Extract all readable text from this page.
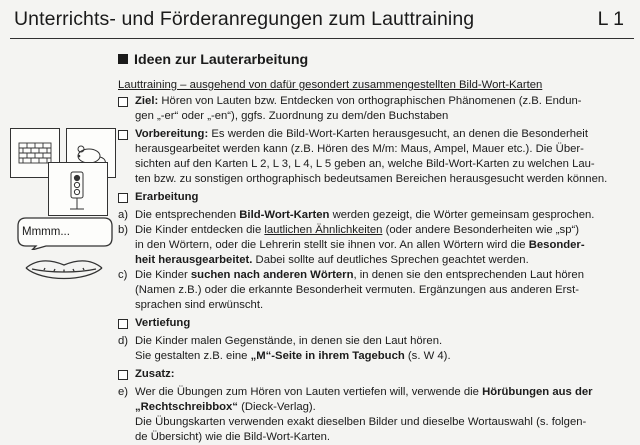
Unterrichts- und Förderanregungen zum Lauttraining	L 1
Ideen zur Lauterarbeitung
Mmmm...
Lauttraining – ausgehend von dafür gesondert zusammengestellten Bild-Wort-Karten
Ziel: Hören von Lauten bzw. Entdecken von orthographischen Phänomenen (z.B. Endun-
gen „-er“ oder „-en“), ggfs. Zuordnung zu dem/den Buchstaben
Vorbereitung: Es werden die Bild-Wort-Karten herausgesucht, an denen die Besonderheit
herausgearbeitet werden kann (z.B. Hören des M/m: Maus, Ampel, Mauer etc.). Die Über-
sichten auf den Karten L 2, L 3, L 4, L 5 geben an, welche Bild-Wort-Karten zu welchen Lau-
ten bzw. zu sonstigen orthographisch bedeutsamen Bereichen herausgesucht werden können.
Erarbeitung
a) Die entsprechenden Bild-Wort-Karten werden gezeigt, die Wörter gemeinsam gesprochen.
b) Die Kinder entdecken die lautlichen Ähnlichkeiten (oder andere Besonderheiten wie „sp“)
in den Wörtern, oder die Lehrerin stellt sie ihnen vor. An allen Wörtern wird die Besonder-
heit herausgearbeitet. Dabei sollte auf deutliches Sprechen geachtet werden.
c) Die Kinder suchen nach anderen Wörtern, in denen sie den entsprechenden Laut hören
(Namen z.B.) oder die erkannte Besonderheit vermuten. Ergänzungen aus anderen Erst-
sprachen sind erwünscht.
Vertiefung
d) Die Kinder malen Gegenstände, in denen sie den Laut hören.
Sie gestalten z.B. eine „M“-Seite in ihrem Tagebuch (s. W 4).
Zusatz:
e) Wer die Übungen zum Hören von Lauten vertiefen will, verwende die Hörübungen aus der
„Rechtschreibbox“ (Dieck-Verlag).
Die Übungskarten verwenden exakt dieselben Bilder und dieselbe Wortauswahl (s. folgen-
de Übersicht) wie die Bild-Wort-Karten.
